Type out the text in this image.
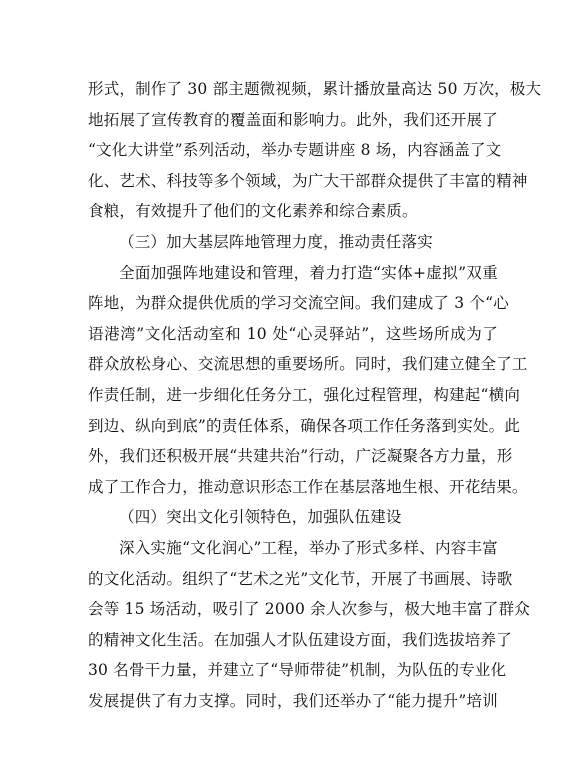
形式，制作了 30 部主题微视频，累计播放量高达 50 万次，极大
地拓展了宣传教育的覆盖面和影响力。此外，我们还开展了
“文化大讲堂”系列活动，举办专题讲座 8 场，内容涵盖了文
化、艺术、科技等多个领域，为广大干部群众提供了丰富的精神
食粮，有效提升了他们的文化素养和综合素质。
（三）加大基层阵地管理力度，推动责任落实
全面加强阵地建设和管理，着力打造“实体+虚拟”双重
阵地，为群众提供优质的学习交流空间。我们建成了 3 个“心
语港湾”文化活动室和 10 处“心灵驿站”，这些场所成为了
群众放松身心、交流思想的重要场所。同时，我们建立健全了工
作责任制，进一步细化任务分工，强化过程管理，构建起“横向
到边、纵向到底”的责任体系，确保各项工作任务落到实处。此
外，我们还积极开展“共建共治”行动，广泛凝聚各方力量，形
成了工作合力，推动意识形态工作在基层落地生根、开花结果。
（四）突出文化引领特色，加强队伍建设
深入实施“文化润心”工程，举办了形式多样、内容丰富
的文化活动。组织了“艺术之光”文化节，开展了书画展、诗歌
会等 15 场活动，吸引了 2000 余人次参与，极大地丰富了群众
的精神文化生活。在加强人才队伍建设方面，我们选拔培养了
30 名骨干力量，并建立了“导师带徒”机制，为队伍的专业化
发展提供了有力支撑。同时，我们还举办了“能力提升”培训
